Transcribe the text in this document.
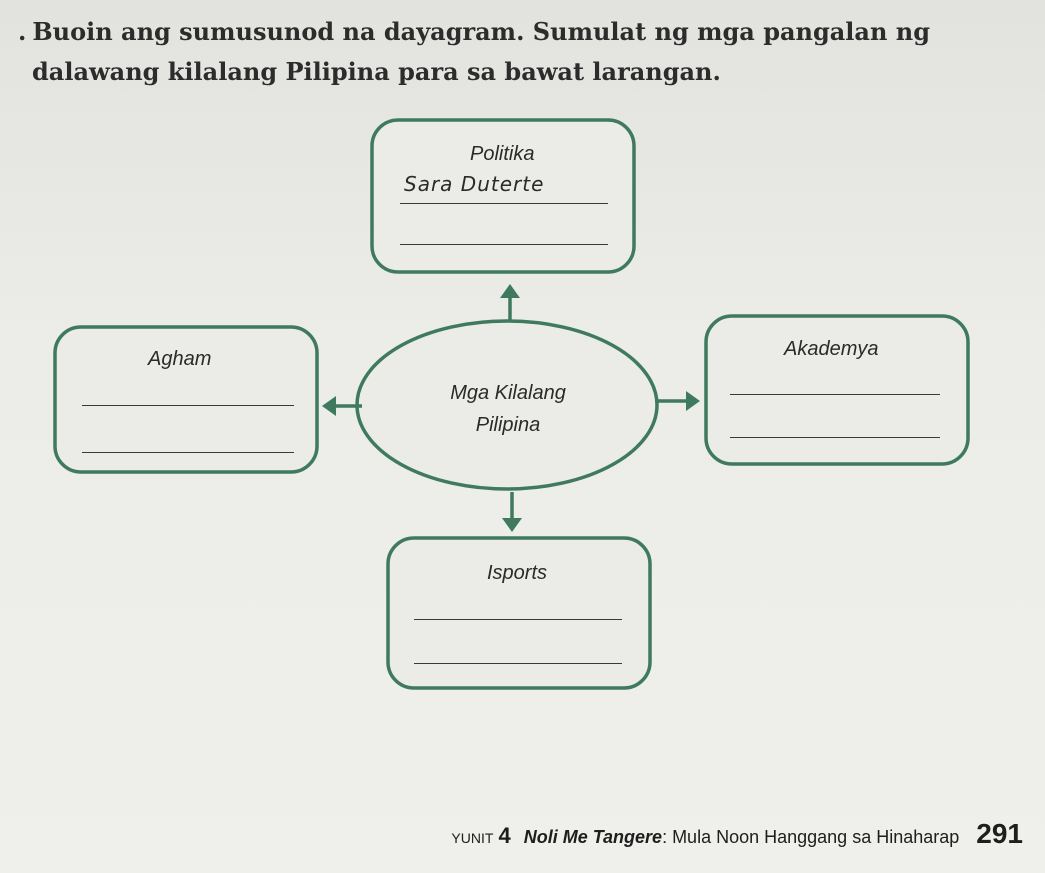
. Buoin ang sumusunod na dayagram. Sumulat ng mga pangalan ng
dalawang kilalang Pilipina para sa bawat larangan.
Politika
Sara Duterte
Agham	Akademya
Isports
Mga Kilalang
Pilipina
YUNIT 4 Noli Me Tangere: Mula Noon Hanggang sa Hinaharap 291
